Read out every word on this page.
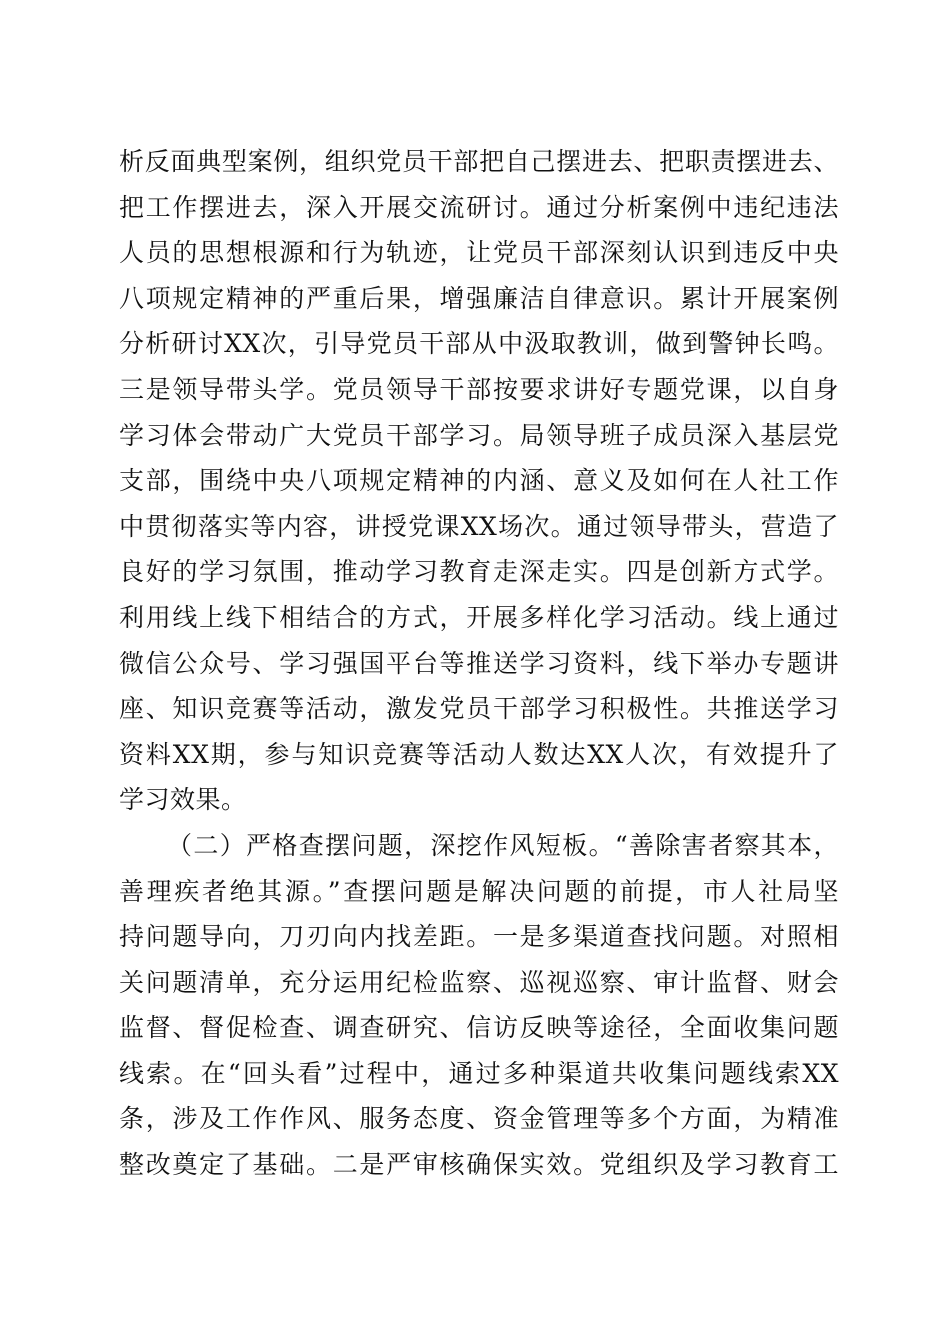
析反面典型案例，组织党员干部把自己摆进去、把职责摆进去、
把工作摆进去，深入开展交流研讨。通过分析案例中违纪违法
人员的思想根源和行为轨迹，让党员干部深刻认识到违反中央
八项规定精神的严重后果，增强廉洁自律意识。累计开展案例
分析研讨XX次，引导党员干部从中汲取教训，做到警钟长鸣。
三是领导带头学。党员领导干部按要求讲好专题党课，以自身
学习体会带动广大党员干部学习。局领导班子成员深入基层党
支部，围绕中央八项规定精神的内涵、意义及如何在人社工作
中贯彻落实等内容，讲授党课XX场次。通过领导带头，营造了
良好的学习氛围，推动学习教育走深走实。四是创新方式学。
利用线上线下相结合的方式，开展多样化学习活动。线上通过
微信公众号、学习强国平台等推送学习资料，线下举办专题讲
座、知识竞赛等活动，激发党员干部学习积极性。共推送学习
资料XX期，参与知识竞赛等活动人数达XX人次，有效提升了
学习效果。
（二）严格查摆问题，深挖作风短板。“善除害者察其本，
善理疾者绝其源。”查摆问题是解决问题的前提，市人社局坚
持问题导向，刀刃向内找差距。一是多渠道查找问题。对照相
关问题清单，充分运用纪检监察、巡视巡察、审计监督、财会
监督、督促检查、调查研究、信访反映等途径，全面收集问题
线索。在“回头看”过程中，通过多种渠道共收集问题线索XX
条，涉及工作作风、服务态度、资金管理等多个方面，为精准
整改奠定了基础。二是严审核确保实效。党组织及学习教育工
